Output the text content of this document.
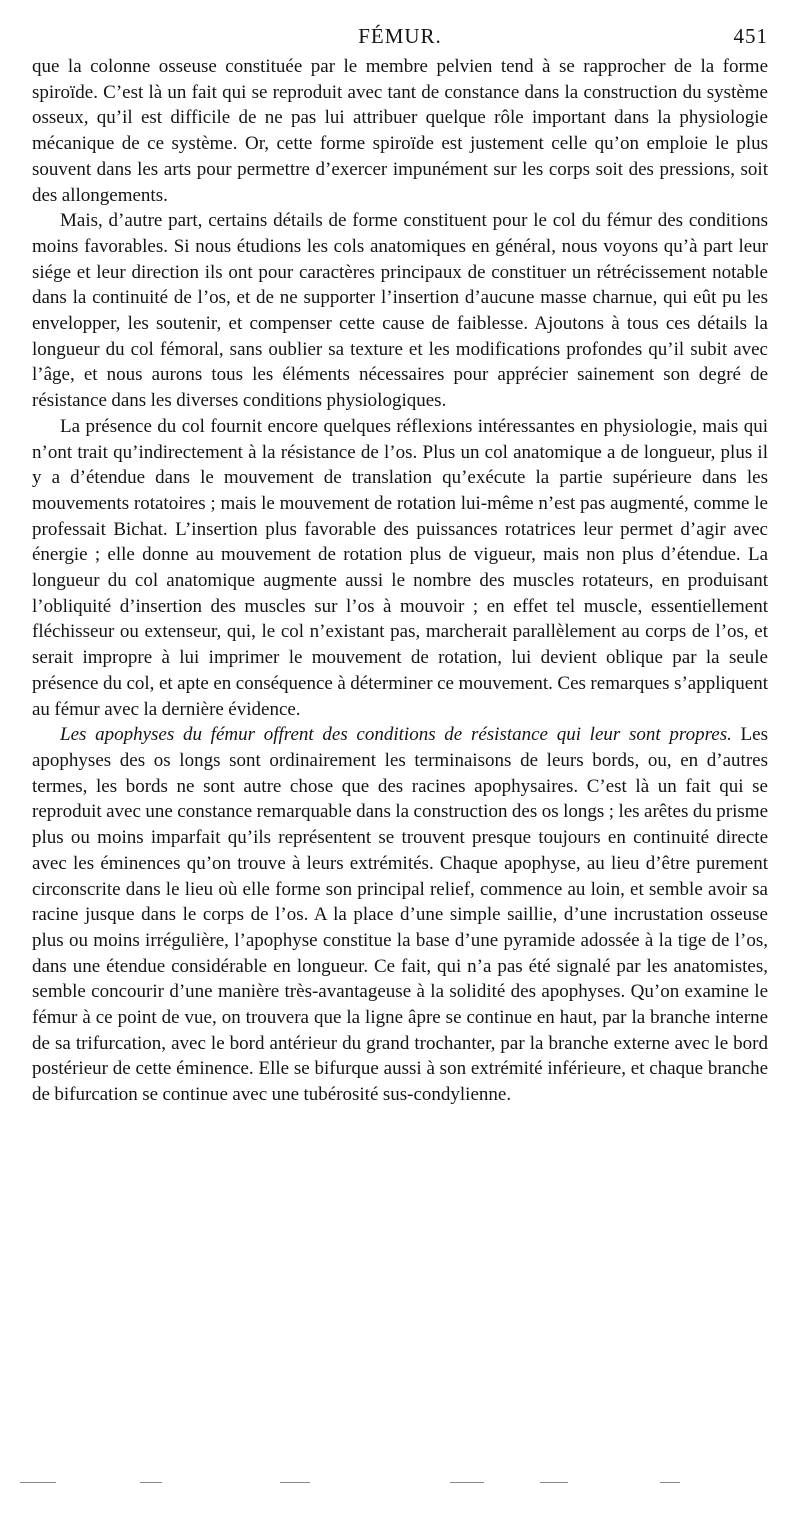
FÉMUR.	451

que la colonne osseuse constituée par le membre pelvien tend à se rapprocher de la forme spiroïde. C’est là un fait qui se reproduit avec tant de constance dans la construction du système osseux, qu’il est difficile de ne pas lui attribuer quelque rôle important dans la physiologie mécanique de ce système. Or, cette forme spiroïde est justement celle qu’on emploie le plus souvent dans les arts pour permettre d’exercer impunément sur les corps soit des pressions, soit des allongements.

Mais, d’autre part, certains détails de forme constituent pour le col du fémur des conditions moins favorables. Si nous étudions les cols anatomiques en général, nous voyons qu’à part leur siége et leur direction ils ont pour caractères principaux de constituer un rétrécissement notable dans la continuité de l’os, et de ne supporter l’insertion d’aucune masse charnue, qui eût pu les envelopper, les soutenir, et compenser cette cause de faiblesse. Ajoutons à tous ces détails la longueur du col fémoral, sans oublier sa texture et les modifications profondes qu’il subit avec l’âge, et nous aurons tous les éléments nécessaires pour apprécier sainement son degré de résistance dans les diverses conditions physiologiques.

La présence du col fournit encore quelques réflexions intéressantes en physiologie, mais qui n’ont trait qu’indirectement à la résistance de l’os. Plus un col anatomique a de longueur, plus il y a d’étendue dans le mouvement de translation qu’exécute la partie supérieure dans les mouvements rotatoires ; mais le mouvement de rotation lui-même n’est pas augmenté, comme le professait Bichat. L’insertion plus favorable des puissances rotatrices leur permet d’agir avec énergie ; elle donne au mouvement de rotation plus de vigueur, mais non plus d’étendue. La longueur du col anatomique augmente aussi le nombre des muscles rotateurs, en produisant l’obliquité d’insertion des muscles sur l’os à mouvoir ; en effet tel muscle, essentiellement fléchisseur ou extenseur, qui, le col n’existant pas, marcherait parallèlement au corps de l’os, et serait impropre à lui imprimer le mouvement de rotation, lui devient oblique par la seule présence du col, et apte en conséquence à déterminer ce mouvement. Ces remarques s’appliquent au fémur avec la dernière évidence.

Les apophyses du fémur offrent des conditions de résistance qui leur sont propres. Les apophyses des os longs sont ordinairement les terminaisons de leurs bords, ou, en d’autres termes, les bords ne sont autre chose que des racines apophysaires. C’est là un fait qui se reproduit avec une constance remarquable dans la construction des os longs ; les arêtes du prisme plus ou moins imparfait qu’ils représentent se trouvent presque toujours en continuité directe avec les éminences qu’on trouve à leurs extrémités. Chaque apophyse, au lieu d’être purement circonscrite dans le lieu où elle forme son principal relief, commence au loin, et semble avoir sa racine jusque dans le corps de l’os. A la place d’une simple saillie, d’une incrustation osseuse plus ou moins irrégulière, l’apophyse constitue la base d’une pyramide adossée à la tige de l’os, dans une étendue considérable en longueur. Ce fait, qui n’a pas été signalé par les anatomistes, semble concourir d’une manière très-avantageuse à la solidité des apophyses. Qu’on examine le fémur à ce point de vue, on trouvera que la ligne âpre se continue en haut, par la branche interne de sa trifurcation, avec le bord antérieur du grand trochanter, par la branche externe avec le bord postérieur de cette éminence. Elle se bifurque aussi à son extrémité inférieure, et chaque branche de bifurcation se continue avec une tubérosité sus-condylienne.
